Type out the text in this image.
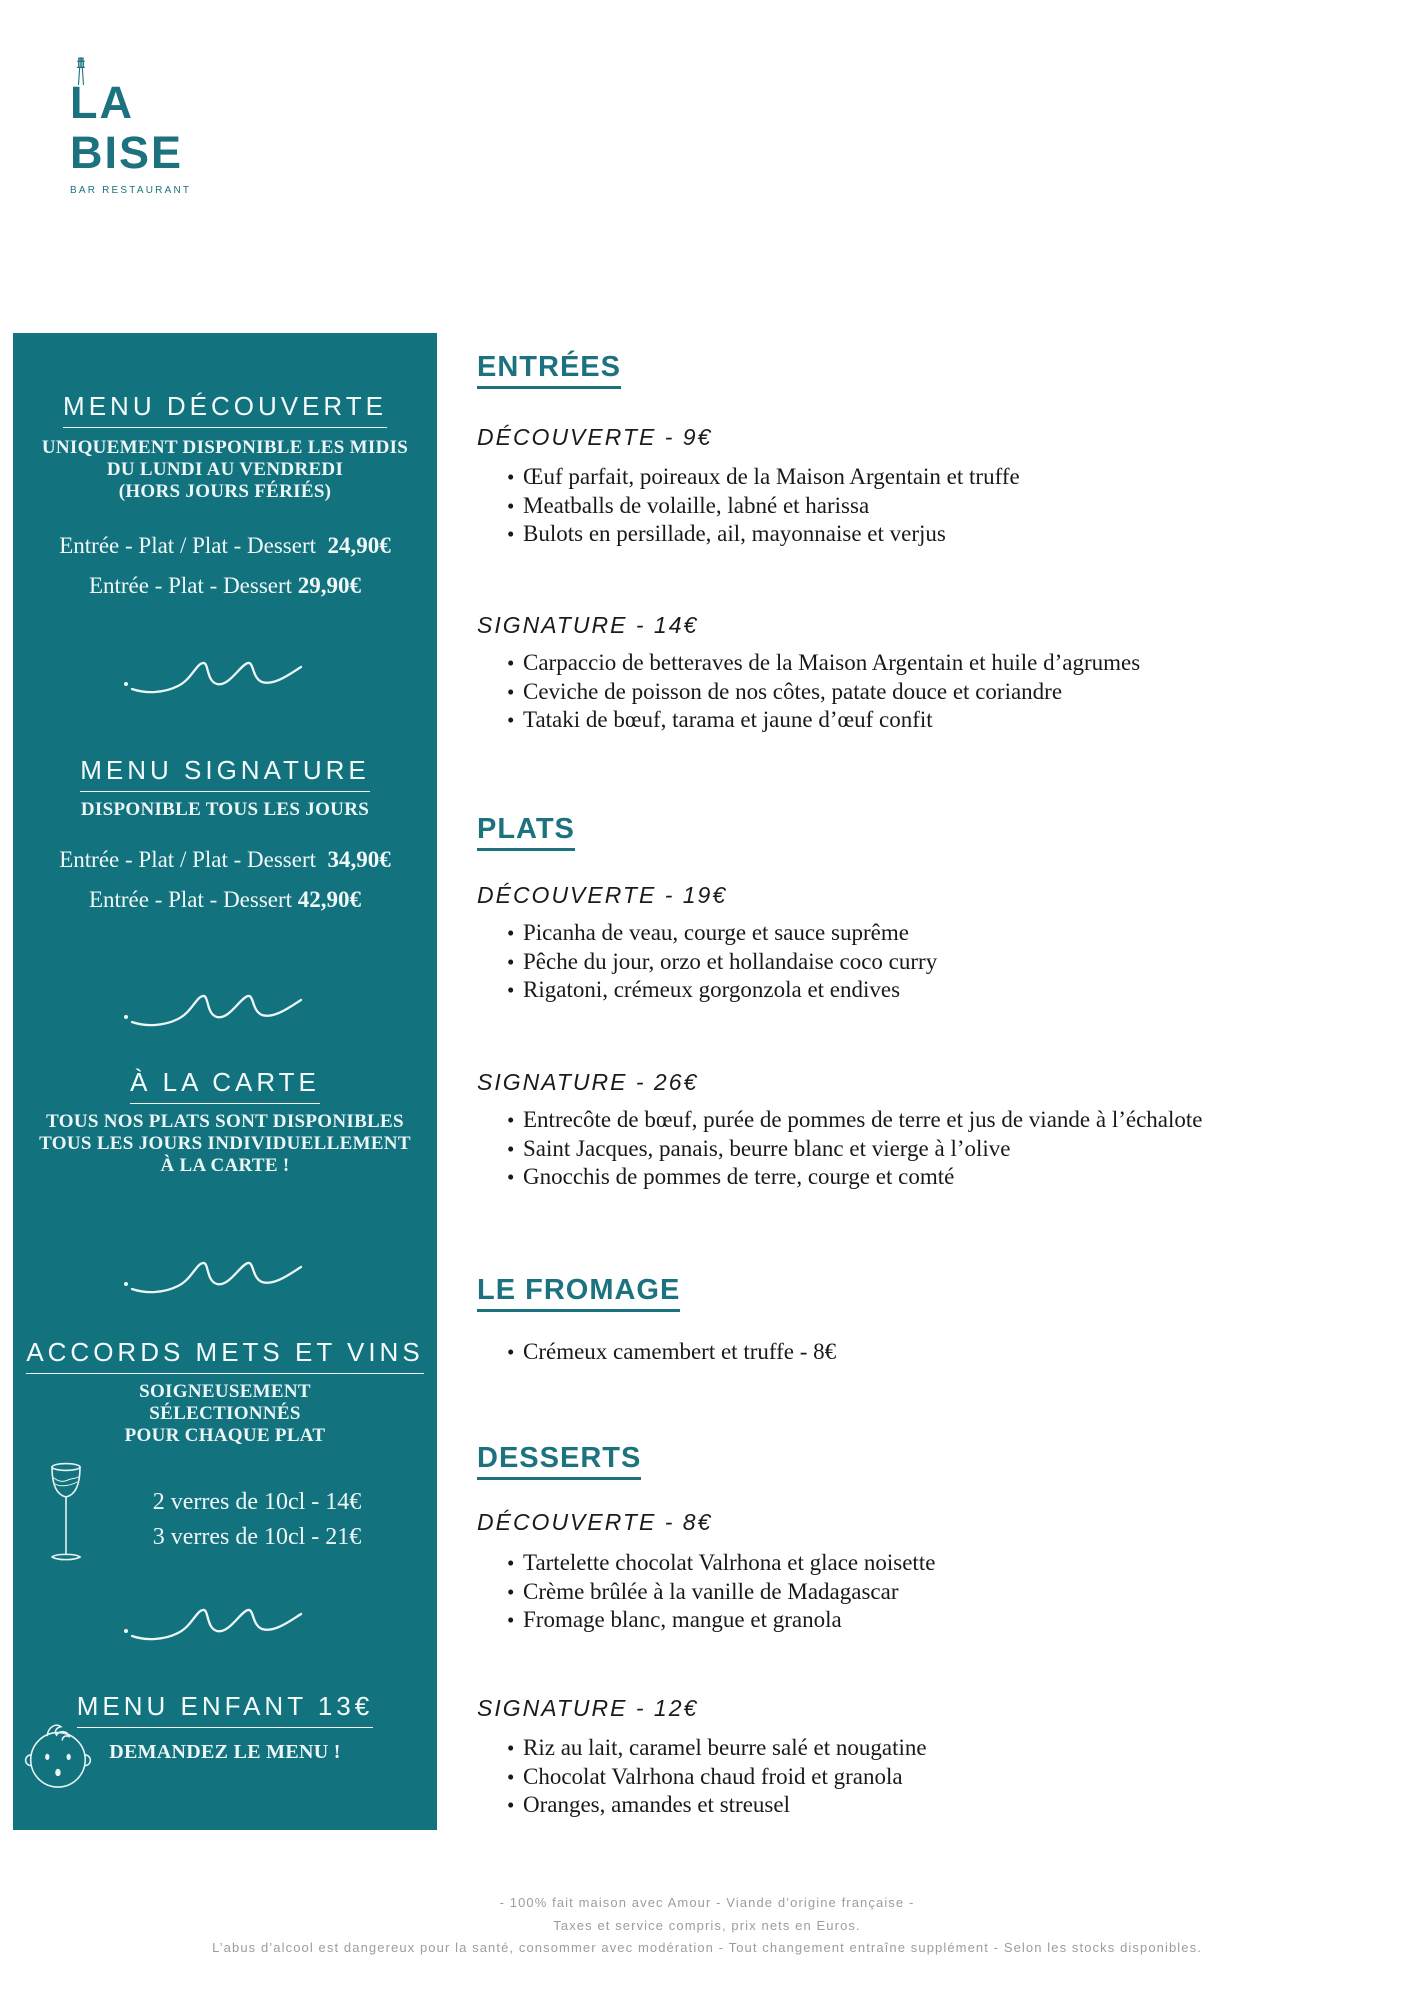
LA
BISE
BAR RESTAURANT
MENU DÉCOUVERTE
UNIQUEMENT DISPONIBLE LES MIDIS
DU LUNDI AU VENDREDI
(HORS JOURS FÉRIÉS)
Entrée - Plat / Plat - Dessert 24,90€
Entrée - Plat - Dessert 29,90€
MENU SIGNATURE
DISPONIBLE TOUS LES JOURS
Entrée - Plat / Plat - Dessert 34,90€
Entrée - Plat - Dessert 42,90€
À LA CARTE
TOUS NOS PLATS SONT DISPONIBLES
TOUS LES JOURS INDIVIDUELLEMENT
À LA CARTE !
ACCORDS METS ET VINS
SOIGNEUSEMENT
SÉLECTIONNÉS
POUR CHAQUE PLAT
2 verres de 10cl - 14€
3 verres de 10cl - 21€
MENU ENFANT 13€
DEMANDEZ LE MENU !
ENTRÉES
DÉCOUVERTE - 9€
• Œuf parfait, poireaux de la Maison Argentain et truffe
• Meatballs de volaille, labné et harissa
• Bulots en persillade, ail, mayonnaise et verjus
SIGNATURE - 14€
• Carpaccio de betteraves de la Maison Argentain et huile d’agrumes
• Ceviche de poisson de nos côtes, patate douce et coriandre
• Tataki de bœuf, tarama et jaune d’œuf confit
PLATS
DÉCOUVERTE - 19€
• Picanha de veau, courge et sauce suprême
• Pêche du jour, orzo et hollandaise coco curry
• Rigatoni, crémeux gorgonzola et endives
SIGNATURE - 26€
• Entrecôte de bœuf, purée de pommes de terre et jus de viande à l’échalote
• Saint Jacques, panais, beurre blanc et vierge à l’olive
• Gnocchis de pommes de terre, courge et comté
LE FROMAGE
• Crémeux camembert et truffe - 8€
DESSERTS
DÉCOUVERTE - 8€
• Tartelette chocolat Valrhona et glace noisette
• Crème brûlée à la vanille de Madagascar
• Fromage blanc, mangue et granola
SIGNATURE - 12€
• Riz au lait, caramel beurre salé et nougatine
• Chocolat Valrhona chaud froid et granola
• Oranges, amandes et streusel
- 100% fait maison avec Amour - Viande d’origine française -
Taxes et service compris, prix nets en Euros.
L’abus d’alcool est dangereux pour la santé, consommer avec modération - Tout changement entraîne supplément - Selon les stocks disponibles.
